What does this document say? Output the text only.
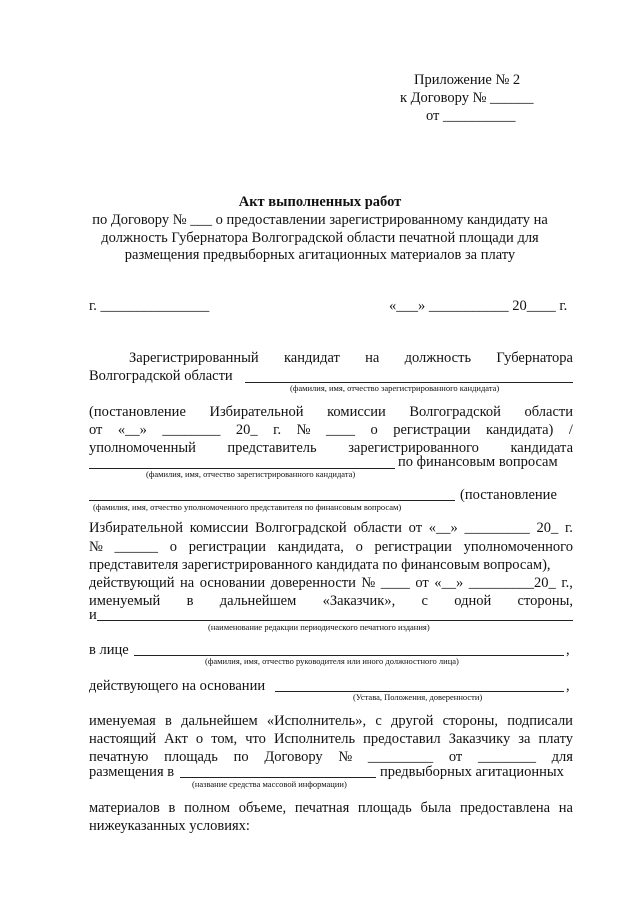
Приложение № 2
к Договору № ______
от __________
Акт выполненных работ
по Договору № ___ о предоставлении зарегистрированному кандидату на
должность Губернатора Волгоградской области печатной площади для
размещения предвыборных агитационных материалов за плату
г. _______________	«___» ___________ 20____ г.
Зарегистрированный кандидат на должность Губернатора
Волгоградской области
(фамилия, имя, отчество зарегистрированного кандидата)
(постановление Избирательной комиссии Волгоградской области
от «__» ________ 20_ г. № ____ о регистрации кандидата) /
уполномоченный представитель зарегистрированного кандидата
по финансовым вопросам
(фамилия, имя, отчество зарегистрированного кандидата)
(постановление
(фамилия, имя, отчество уполномоченного представителя по финансовым вопросам)
Избирательной комиссии Волгоградской области от «__» _________ 20_ г.
№ ______ о регистрации кандидата, о регистрации уполномоченного
представителя зарегистрированного кандидата по финансовым вопросам),
действующий на основании доверенности № ____ от «__» _________20_ г.,
именуемый в дальнейшем «Заказчик», с одной стороны,
и
(наименование редакции периодического печатного издания)
в лице	,
(фамилия, имя, отчество руководителя или иного должностного лица)
действующего на основании	,
(Устава, Положения, доверенности)
именуемая в дальнейшем «Исполнитель», с другой стороны, подписали
настоящий Акт о том, что Исполнитель предоставил Заказчику за плату
печатную площадь по Договору № _________ от ________ для
размещения в	предвыборных агитационных
(название средства массовой информации)
материалов в полном объеме, печатная площадь была предоставлена на
нижеуказанных условиях:
